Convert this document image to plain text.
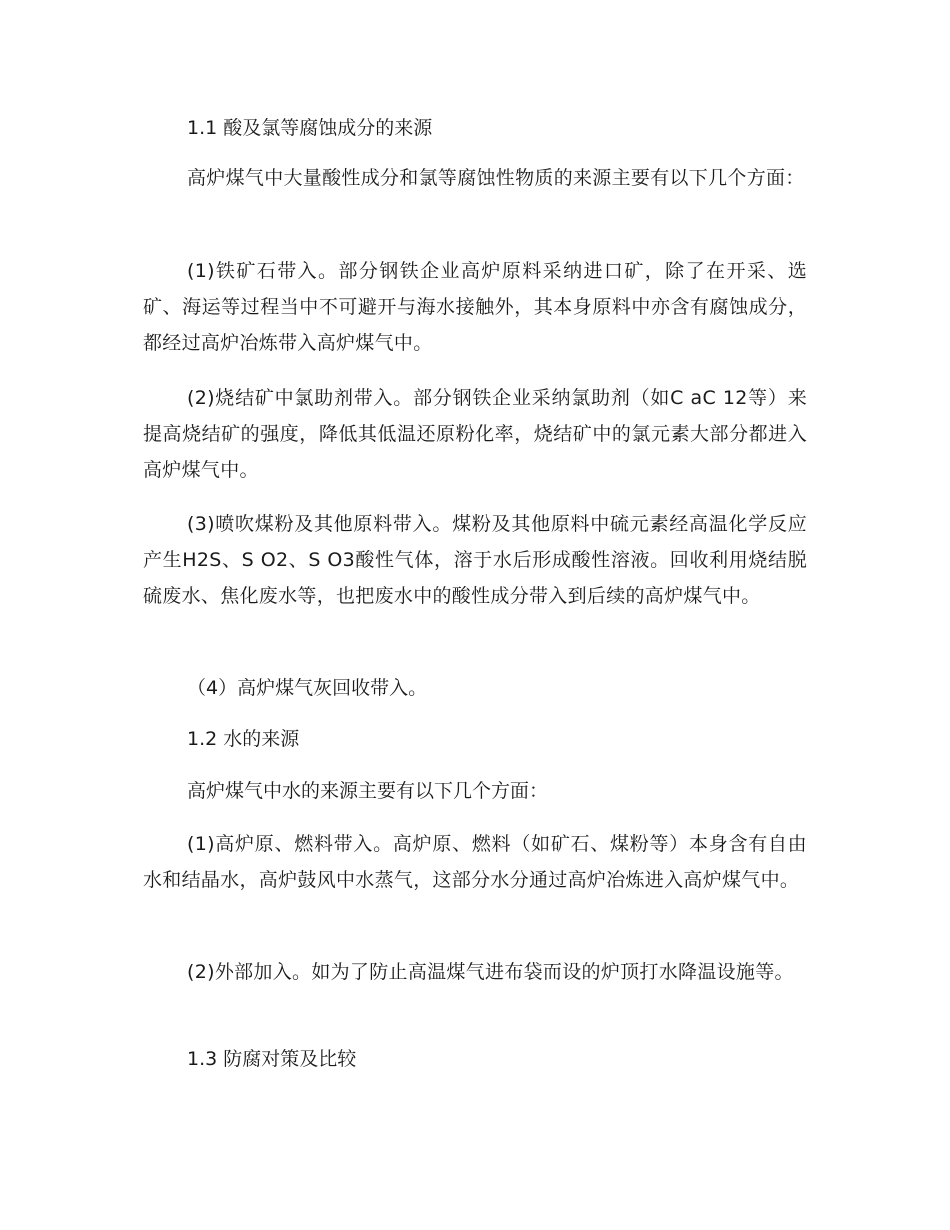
1.1 酸及氯等腐蚀成分的来源

高炉煤气中大量酸性成分和氯等腐蚀性物质的来源主要有以下几个方面：

(1)铁矿石带入。部分钢铁企业高炉原料采纳进口矿，除了在开采、选矿、海运等过程当中不可避开与海水接触外，其本身原料中亦含有腐蚀成分，都经过高炉冶炼带入高炉煤气中。

(2)烧结矿中氯助剂带入。部分钢铁企业采纳氯助剂（如C aC 12等）来提高烧结矿的强度，降低其低温还原粉化率，烧结矿中的氯元素大部分都进入高炉煤气中。

(3)喷吹煤粉及其他原料带入。煤粉及其他原料中硫元素经高温化学反应产生H2S、S O2、S O3酸性气体，溶于水后形成酸性溶液。回收利用烧结脱硫废水、焦化废水等，也把废水中的酸性成分带入到后续的高炉煤气中。

（4）高炉煤气灰回收带入。

1.2 水的来源

高炉煤气中水的来源主要有以下几个方面：

(1)高炉原、燃料带入。高炉原、燃料（如矿石、煤粉等）本身含有自由水和结晶水，高炉鼓风中水蒸气，这部分水分通过高炉冶炼进入高炉煤气中。

(2)外部加入。如为了防止高温煤气进布袋而设的炉顶打水降温设施等。

1.3 防腐对策及比较
